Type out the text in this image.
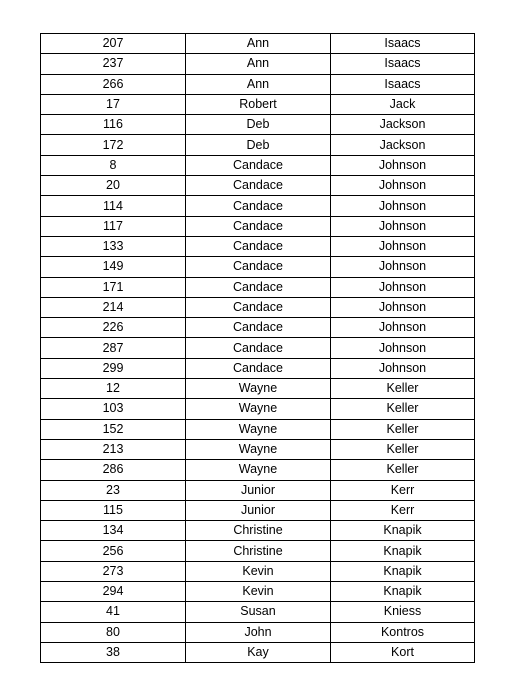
207	Ann	Isaacs
237	Ann	Isaacs
266	Ann	Isaacs
17	Robert	Jack
116	Deb	Jackson
172	Deb	Jackson
8	Candace	Johnson
20	Candace	Johnson
114	Candace	Johnson
117	Candace	Johnson
133	Candace	Johnson
149	Candace	Johnson
171	Candace	Johnson
214	Candace	Johnson
226	Candace	Johnson
287	Candace	Johnson
299	Candace	Johnson
12	Wayne	Keller
103	Wayne	Keller
152	Wayne	Keller
213	Wayne	Keller
286	Wayne	Keller
23	Junior	Kerr
115	Junior	Kerr
134	Christine	Knapik
256	Christine	Knapik
273	Kevin	Knapik
294	Kevin	Knapik
41	Susan	Kniess
80	John	Kontros
38	Kay	Kort
